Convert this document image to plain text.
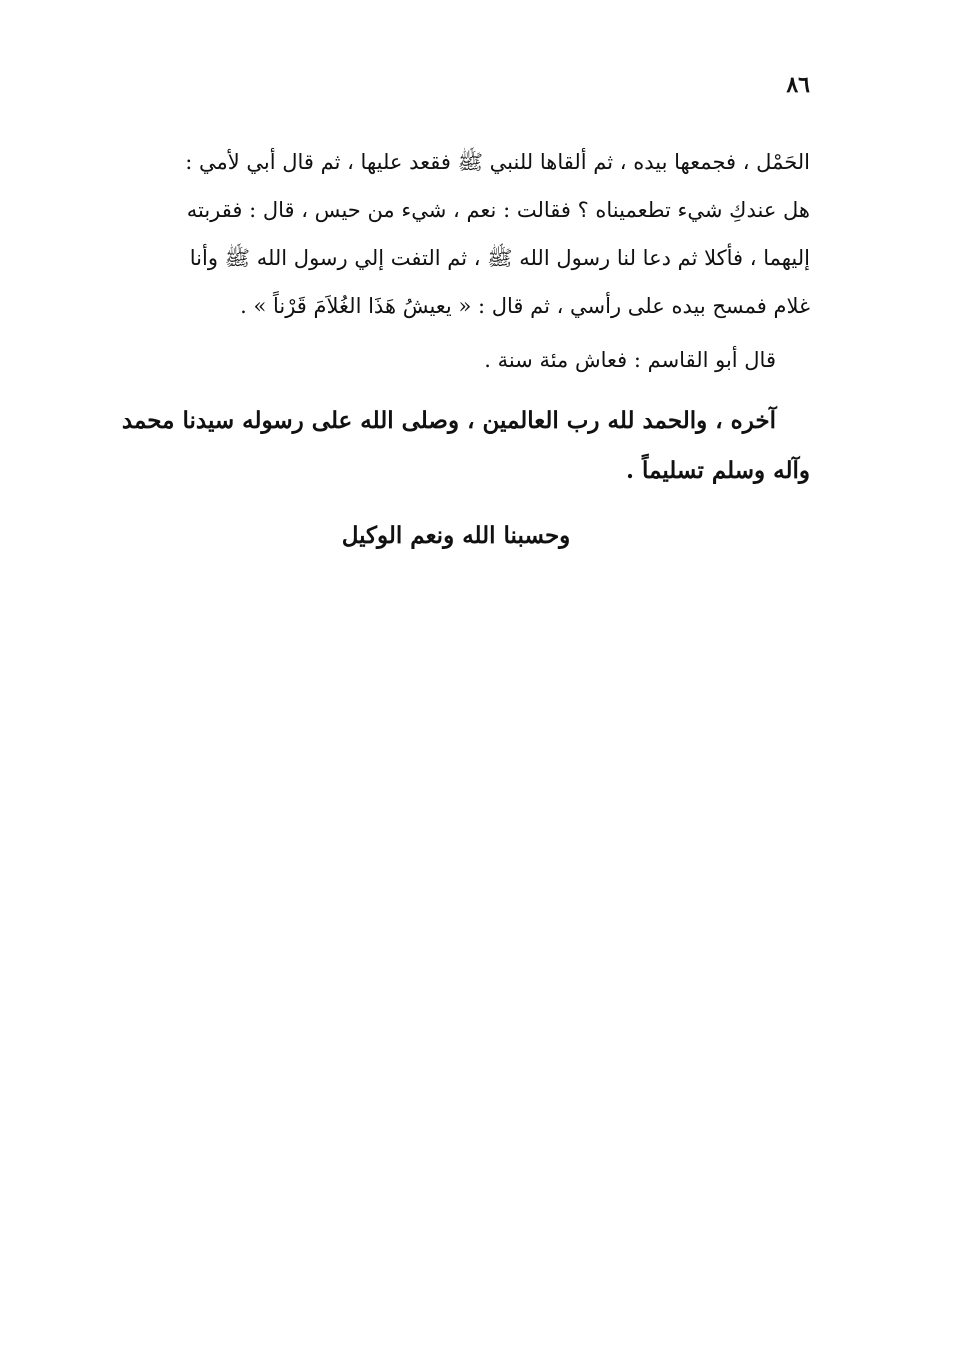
٨٦
الحَمْل ، فجمعها بيده ، ثم ألقاها للنبي ﷺ فقعد عليها ، ثم قال أبي لأمي :
هل عندكِ شيء تطعميناه ؟ فقالت : نعم ، شيء من حيس ، قال : فقربته
إليهما ، فأكلا ثم دعا لنا رسول الله ﷺ ، ثم التفت إلي رسول الله ﷺ وأنا
غلام فمسح بيده على رأسي ، ثم قال : « يعيشُ هَذَا الغُلاَمَ قَرْناً » .
قال أبو القاسم : فعاش مئة سنة .
آخره ، والحمد لله رب العالمين ، وصلى الله على رسوله سيدنا محمد
وآله وسلم تسليماً .
وحسبنا الله ونعم الوكيل
